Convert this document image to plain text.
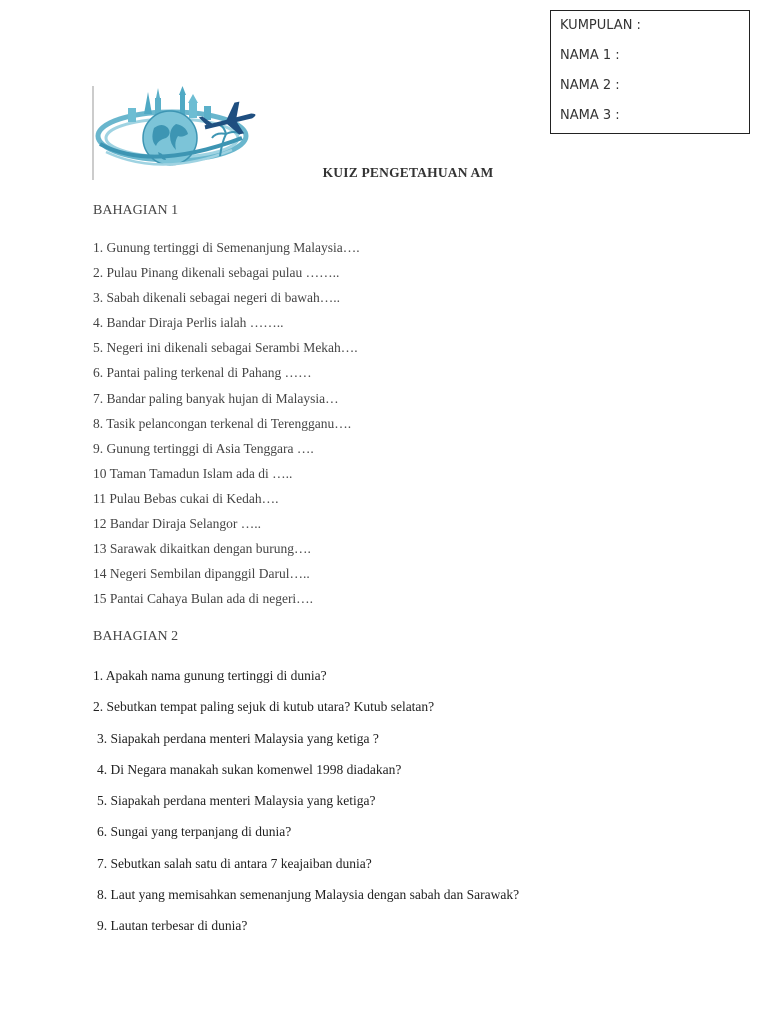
KUMPULAN :
NAMA 1 :
NAMA 2 :
NAMA 3 :
KUIZ PENGETAHUAN AM
BAHAGIAN 1
1. Gunung tertinggi di Semenanjung Malaysia….
2. Pulau Pinang dikenali sebagai pulau ……..
3. Sabah dikenali sebagai negeri di bawah…..
4. Bandar Diraja Perlis ialah ……..
5. Negeri ini dikenali sebagai Serambi Mekah….
6. Pantai paling terkenal di Pahang ……
7. Bandar paling banyak hujan di Malaysia…
8. Tasik pelancongan terkenal di Terengganu….
9. Gunung tertinggi di Asia Tenggara ….
10 Taman Tamadun Islam ada di …..
11 Pulau Bebas cukai di Kedah….
12 Bandar Diraja Selangor …..
13 Sarawak dikaitkan dengan burung….
14 Negeri Sembilan dipanggil Darul…..
15 Pantai Cahaya Bulan ada di negeri….
BAHAGIAN 2
1. Apakah nama gunung tertinggi di dunia?
2. Sebutkan tempat paling sejuk di kutub utara? Kutub selatan?
3. Siapakah perdana menteri Malaysia yang ketiga ?
4. Di Negara manakah sukan komenwel 1998 diadakan?
5. Siapakah perdana menteri Malaysia yang ketiga?
6. Sungai yang terpanjang di dunia?
7. Sebutkan salah satu di antara 7 keajaiban dunia?
8. Laut yang memisahkan semenanjung Malaysia dengan sabah dan Sarawak?
9. Lautan terbesar di dunia?
